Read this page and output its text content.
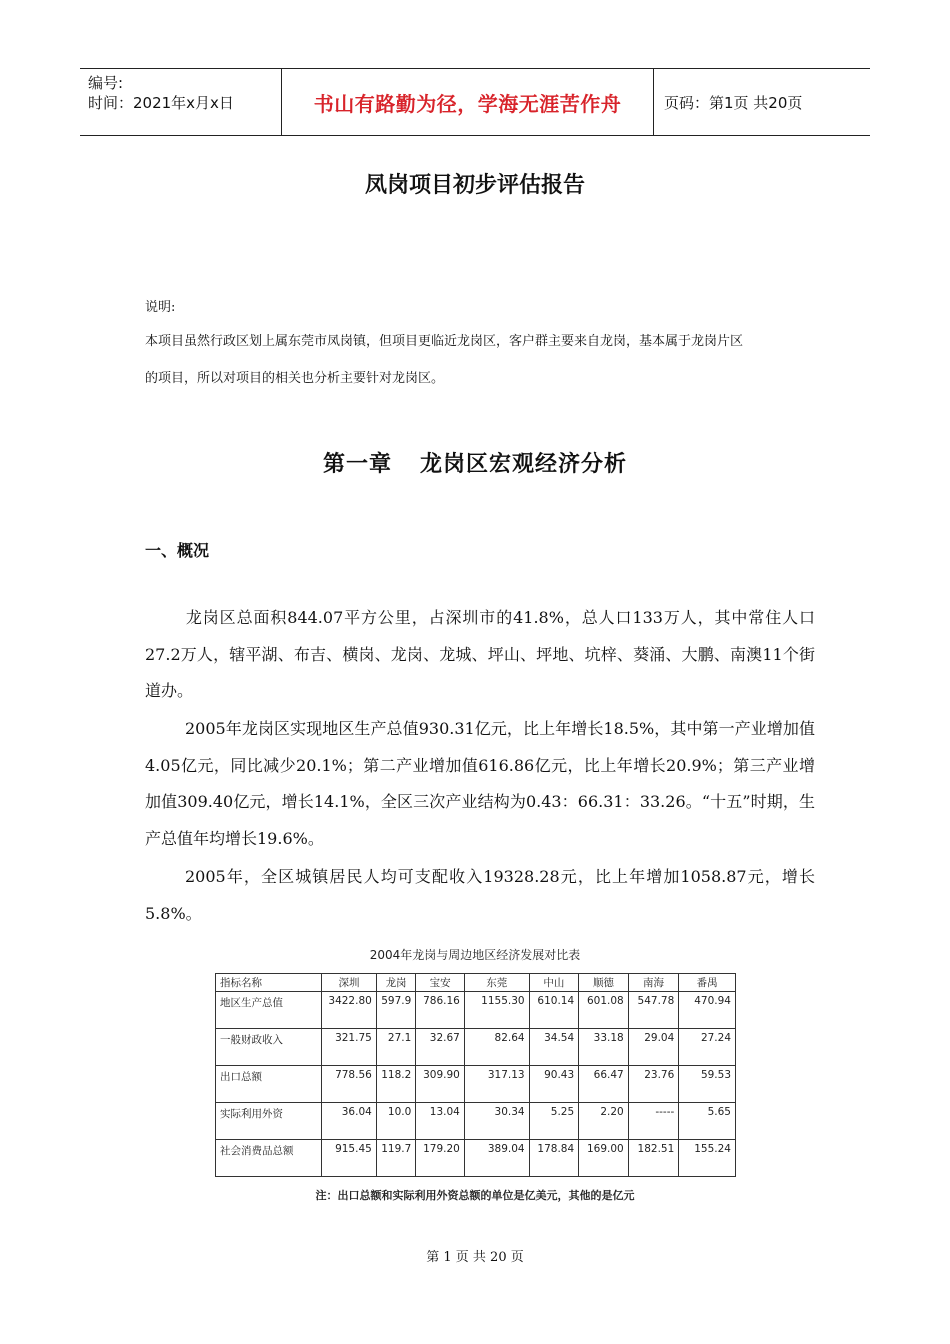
编号:
时间：2021年x月x日	书山有路勤为径，学海无涯苦作舟	页码：第1页 共20页
凤岗项目初步评估报告
说明:
本项目虽然行政区划上属东莞市凤岗镇，但项目更临近龙岗区，客户群主要来自龙岗，基本属于龙岗片区
的项目，所以对项目的相关也分析主要针对龙岗区。
第一章 龙岗区宏观经济分析
一、概况
龙岗区总面积844.07平方公里，占深圳市的41.8%，总人口133万人，其中常住人口27.2万人，辖平湖、布吉、横岗、龙岗、龙城、坪山、坪地、坑梓、葵涌、大鹏、南澳11个街道办。
2005年龙岗区实现地区生产总值930.31亿元，比上年增长18.5%，其中第一产业增加值4.05亿元，同比减少20.1%；第二产业增加值616.86亿元，比上年增长20.9%；第三产业增加值309.40亿元，增长14.1%，全区三次产业结构为0.43：66.31：33.26。“十五”时期，生产总值年均增长19.6%。
2005年，全区城镇居民人均可支配收入19328.28元，比上年增加1058.87元，增长5.8%。
2004年龙岗与周边地区经济发展对比表
指标名称	深圳	龙岗	宝安	东莞	中山	顺德	南海	番禺
地区生产总值	3422.80	597.9	786.16	1155.30	610.14	601.08	547.78	470.94
一般财政收入	321.75	27.1	32.67	82.64	34.54	33.18	29.04	27.24
出口总额	778.56	118.2	309.90	317.13	90.43	66.47	23.76	59.53
实际利用外资	36.04	10.0	13.04	30.34	5.25	2.20	-----	5.65
社会消费品总额	915.45	119.7	179.20	389.04	178.84	169.00	182.51	155.24
注：出口总额和实际利用外资总额的单位是亿美元，其他的是亿元
第 1 页 共 20 页
